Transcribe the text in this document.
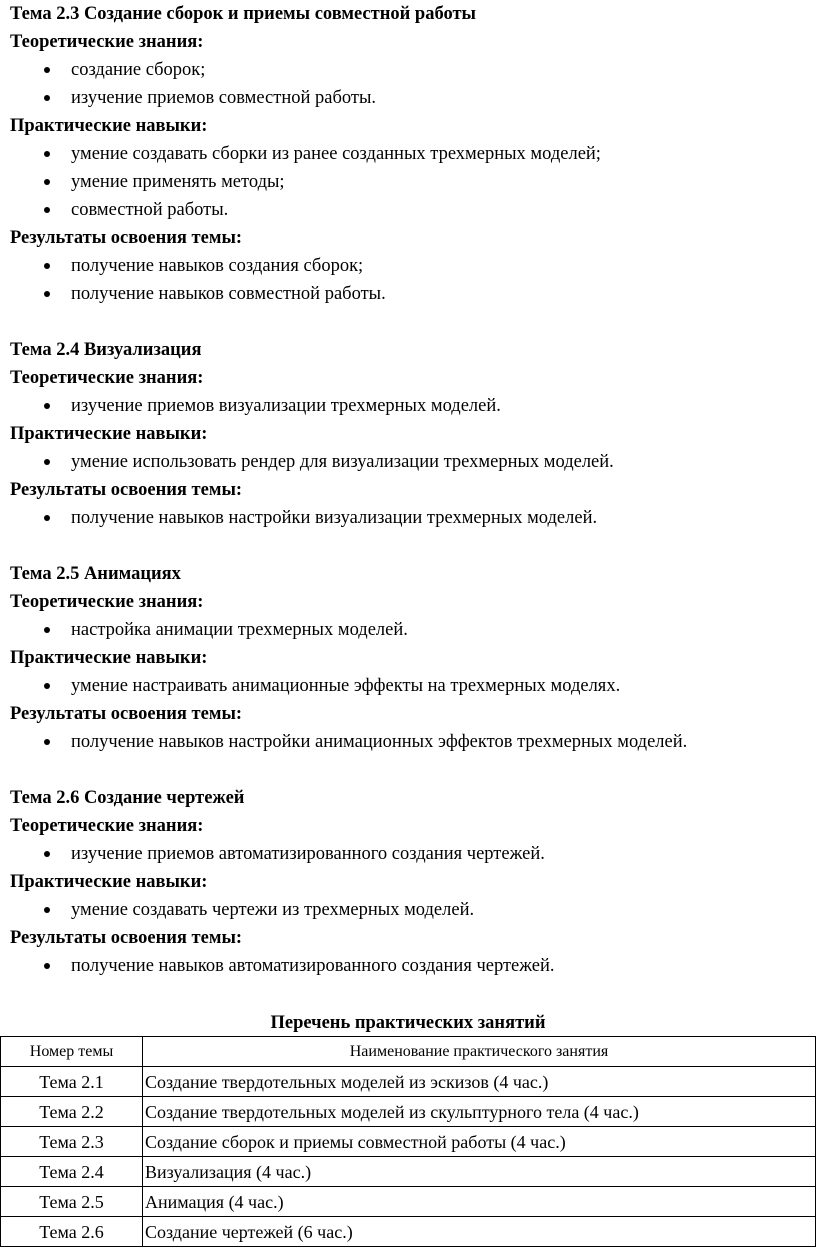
Тема 2.3 Создание сборок и приемы совместной работы

Теоретические знания:

создание сборок;
изучение приемов совместной работы.

Практические навыки:

умение создавать сборки из ранее созданных трехмерных моделей;
умение применять методы;
совместной работы.

Результаты освоения темы:

получение навыков создания сборок;
получение навыков совместной работы.

Тема 2.4 Визуализация

Теоретические знания:

изучение приемов визуализации трехмерных моделей.

Практические навыки:

умение использовать рендер для визуализации трехмерных моделей.

Результаты освоения темы:

получение навыков настройки визуализации трехмерных моделей.

Тема 2.5 Анимациях

Теоретические знания:

настройка анимации трехмерных моделей.

Практические навыки:

умение настраивать анимационные эффекты на трехмерных моделях.

Результаты освоения темы:

получение навыков настройки анимационных эффектов трехмерных моделей.

Тема 2.6 Создание чертежей

Теоретические знания:

изучение приемов автоматизированного создания чертежей.

Практические навыки:

умение создавать чертежи из трехмерных моделей.

Результаты освоения темы:

получение навыков автоматизированного создания чертежей.

Перечень практических занятий

Номер темы	Наименование практического занятия
Тема 2.1	Создание твердотельных моделей из эскизов (4 час.)
Тема 2.2	Создание твердотельных моделей из скульптурного тела (4 час.)
Тема 2.3	Создание сборок и приемы совместной работы (4 час.)
Тема 2.4	Визуализация (4 час.)
Тема 2.5	Анимация (4 час.)
Тема 2.6	Создание чертежей (6 час.)
